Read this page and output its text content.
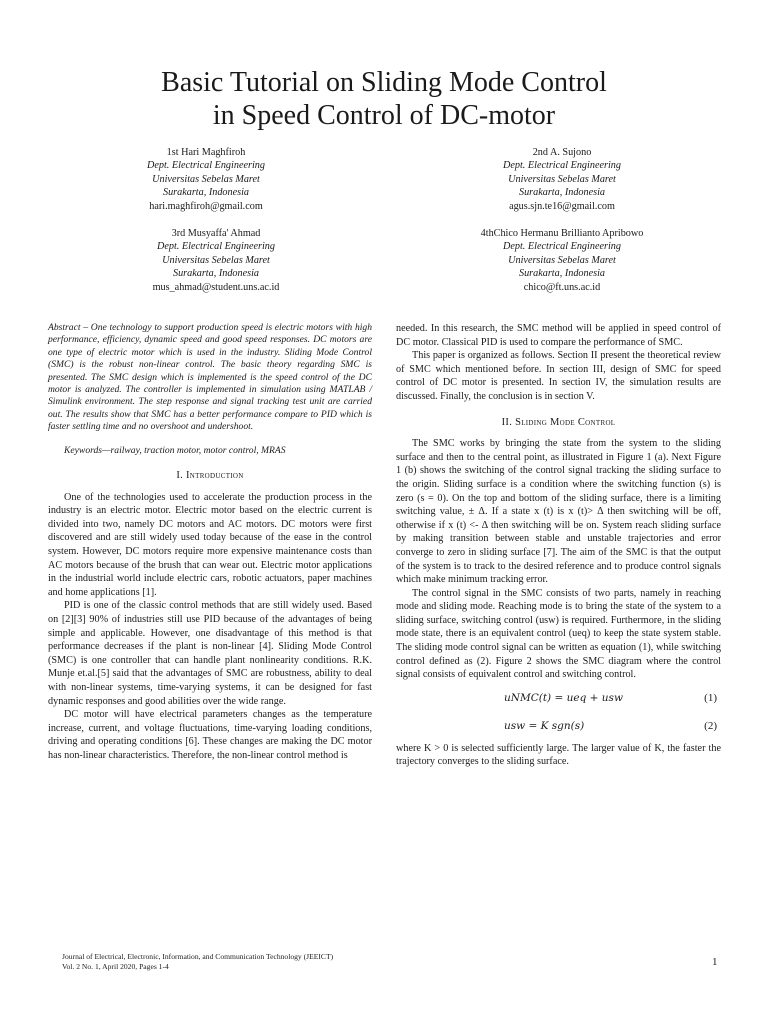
Basic Tutorial on Sliding Mode Control
in Speed Control of DC-motor
1st Hari Maghfiroh
Dept. Electrical Engineering
Universitas Sebelas Maret
Surakarta, Indonesia
hari.maghfiroh@gmail.com
2nd A. Sujono
Dept. Electrical Engineering
Universitas Sebelas Maret
Surakarta, Indonesia
agus.sjn.te16@gmail.com
3rd Musyaffa' Ahmad
Dept. Electrical Engineering
Universitas Sebelas Maret
Surakarta, Indonesia
mus_ahmad@student.uns.ac.id
4thChico Hermanu Brillianto Apribowo
Dept. Electrical Engineering
Universitas Sebelas Maret
Surakarta, Indonesia
chico@ft.uns.ac.id

Abstract – One technology to support production speed is electric motors with high performance, efficiency, dynamic speed and good speed responses. DC motors are one type of electric motor which is used in the industry. Sliding Mode Control (SMC) is the robust non-linear control. The basic theory regarding SMC is presented. The SMC design which is implemented is the speed control of the DC motor is analyzed. The controller is implemented in simulation using MATLAB / Simulink environment. The step response and signal tracking test unit are carried out. The results show that SMC has a better performance compare to PID which is faster settling time and no overshoot and undershoot.

Keywords—railway, traction motor, motor control, MRAS

I. Introduction

One of the technologies used to accelerate the production process in the industry is an electric motor. Electric motor based on the electric current is divided into two, namely DC motors and AC motors. DC motors were first discovered and are still widely used today because of the ease in the control system. However, DC motors require more expensive maintenance costs than AC motors because of the brush that can wear out. Electric motor applications in the industrial world include electric cars, robotic actuators, paper machines and home applications [1].

PID is one of the classic control methods that are still widely used. Based on [2][3] 90% of industries still use PID because of the advantages of being simple and applicable. However, one disadvantage of this method is that performance decreases if the plant is non-linear [4]. Sliding Mode Control (SMC) is one controller that can handle plant nonlinearity conditions. R.K. Munje et.al.[5] said that the advantages of SMC are robustness, ability to deal with non-linear systems, time-varying systems, it can be designed for fast dynamic responses and good abilities over the wide range.

DC motor will have electrical parameters changes as the temperature increase, current, and voltage fluctuations, time-varying loading conditions, driving and operating conditions [6]. These changes are making the DC motor has non-linear characteristics. Therefore, the non-linear control method is

needed. In this research, the SMC method will be applied in speed control of DC motor. Classical PID is used to compare the performance of SMC.

This paper is organized as follows. Section II present the theoretical review of SMC which mentioned before. In section III, design of SMC for speed control of DC motor is presented. In section IV, the simulation results are discussed. Finally, the conclusion is in section V.

II. Sliding Mode Control

The SMC works by bringing the state from the system to the sliding surface and then to the central point, as illustrated in Figure 1 (a). Next Figure 1 (b) shows the switching of the control signal tracking the sliding surface to the origin. Sliding surface is a condition where the switching function (s) is zero (s = 0). On the top and bottom of the sliding surface, there is a limiting switching value, ± Δ. If a state x (t) is x (t)> Δ then switching will be off, otherwise if x (t) <- Δ then switching will be on. System reach sliding surface by making transition between stable and unstable trajectories and error converge to zero in sliding surface [7]. The aim of the SMC is that the output of the system is to track to the desired reference and to produce control signals which make minimum tracking error.

The control signal in the SMC consists of two parts, namely in reaching mode and sliding mode. Reaching mode is to bring the state of the system to a sliding surface, switching control (usw) is required. Furthermore, in the sliding mode state, there is an equivalent control (ueq) to keep the state system stable. The sliding mode control signal can be written as equation (1), while switching control defined as (2). Figure 2 shows the SMC diagram where the control signal consists of equivalent control and switching control.

uNMC(t) = ueq + usw	(1)
usw = K sgn(s)	(2)

where K > 0 is selected sufficiently large. The larger value of K, the faster the trajectory converges to the sliding surface.

Journal of Electrical, Electronic, Information, and Communication Technology (JEEICT)
Vol. 2 No. 1, April 2020, Pages 1-4	1
